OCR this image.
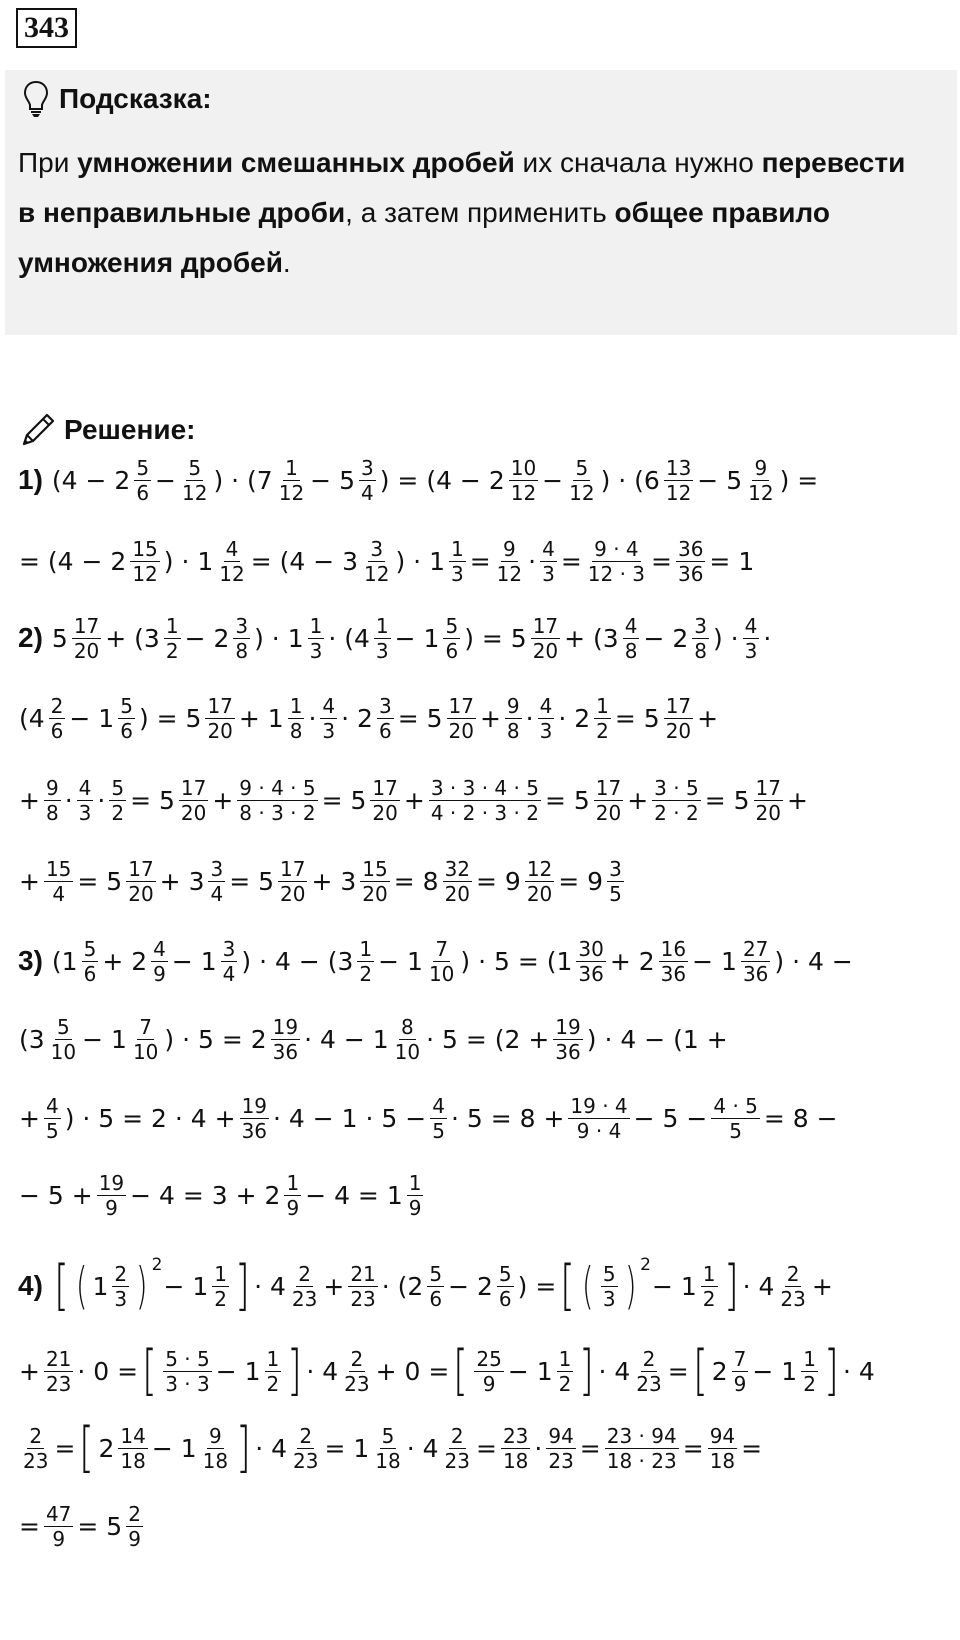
343
Подсказка:
При умножении смешанных дробей их сначала нужно перевести в неправильные дроби, а затем применить общее правило умножения дробей.
Решение:
1) ($4 - 2 \frac{5}{6} - \frac{5}{12}$ ) · ($7 \frac{1}{12} - 5 \frac{3}{4}$ ) = ($4 - 2 \frac{10}{12} - \frac{5}{12}$ ) · ($6 \frac{13}{12} - 5 \frac{9}{12}$ ) =
= ($4 - 2 \frac{15}{12}$ ) · $1 \frac{4}{12} = (4 - 3 \frac{3}{12}$ ) · $1 \frac{1}{3} = \frac{9}{12} \cdot \frac{4}{3} = \frac{9 \cdot 4}{12 \cdot 3} = \frac{36}{36} = 1$
2) $5 \frac{17}{20} + (3 \frac{1}{2} - 2 \frac{3}{8}$ ) · $1 \frac{1}{3} \cdot (4 \frac{1}{3} - 1 \frac{5}{6}$ ) = $5 \frac{17}{20} + (3 \frac{4}{8} - 2 \frac{3}{8}$ ) · $\frac{4}{3}$ ·
($4 \frac{2}{6} - 1 \frac{5}{6}$ ) = $5 \frac{17}{20} + 1 \frac{1}{8} \cdot \frac{4}{3} \cdot 2 \frac{3}{6} = 5 \frac{17}{20} + \frac{9}{8} \cdot \frac{4}{3} \cdot 2 \frac{1}{2} = 5 \frac{17}{20}$ +
+ $\frac{9}{8} \cdot \frac{4}{3} \cdot \frac{5}{2} = 5 \frac{17}{20} + \frac{9 \cdot 4 \cdot 5}{8 \cdot 3 \cdot 2} = 5 \frac{17}{20} + \frac{3 \cdot 3 \cdot 4 \cdot 5}{4 \cdot 2 \cdot 3 \cdot 2} = 5 \frac{17}{20} + \frac{3 \cdot 5}{2 \cdot 2} = 5 \frac{17}{20}$ +
+ $\frac{15}{4} = 5 \frac{17}{20} + 3 \frac{3}{4} = 5 \frac{17}{20} + 3 \frac{15}{20} = 8 \frac{32}{20} = 9 \frac{12}{20} = 9 \frac{3}{5}$
3) ($1 \frac{5}{6} + 2 \frac{4}{9} - 1 \frac{3}{4}$ ) · $4 - (3 \frac{1}{2} - 1 \frac{7}{10}$ ) · $5 = (1 \frac{30}{36} + 2 \frac{16}{36} - 1 \frac{27}{36}$ ) · 4 −
($3 \frac{5}{10} - 1 \frac{7}{10}$ ) · $5 = 2 \frac{19}{36} \cdot 4 - 1 \frac{8}{10} \cdot 5 = (2 + \frac{19}{36}$ ) · 4 − (1 +
+ $\frac{4}{5}$ ) · $5 = 2 \cdot 4 + \frac{19}{36} \cdot 4 - 1 \cdot 5 - \frac{4}{5} \cdot 5 = 8 + \frac{19 \cdot 4}{9 \cdot 4} - 5 - \frac{4 \cdot 5}{5} = 8$ −
− $5 + \frac{19}{9} - 4 = 3 + 2 \frac{1}{9} - 4 = 1 \frac{1}{9}$
4) [ ( $1 \frac{2}{3}$ ) 2
− $1 \frac{1}{2}$ ] · $4 \frac{2}{23} + \frac{21}{23} \cdot (2 \frac{5}{6} - 2 \frac{5}{6}$ ) = [ ( $\frac{5}{3}$ ) 2
− $1 \frac{1}{2}$ ] · $4 \frac{2}{23}$ +
+ $\frac{21}{23} \cdot 0$ = [ $\frac{5 \cdot 5}{3 \cdot 3} - 1 \frac{1}{2}$ ] · $4 \frac{2}{23} + 0$ = [ $\frac{25}{9} - 1 \frac{1}{2}$ ] · $4 \frac{2}{23}$ = [ $2 \frac{7}{9} - 1 \frac{1}{2}$ ] · 4
$\frac{2}{23}$ = [ $2 \frac{14}{18} - 1 \frac{9}{18}$ ] · $4 \frac{2}{23} = 1 \frac{5}{18} \cdot 4 \frac{2}{23} = \frac{23}{18} \cdot \frac{94}{23} = \frac{23 \cdot 94}{18 \cdot 23} = \frac{94}{18}$ =
= $\frac{47}{9} = 5 \frac{2}{9}$
